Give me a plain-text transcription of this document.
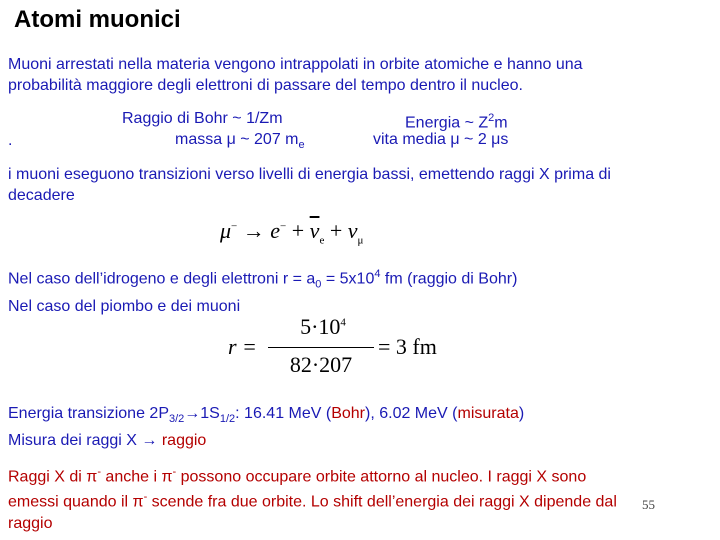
Atomi muonici
Muoni arrestati nella materia vengono intrappolati in orbite atomiche e hanno una
probabilità maggiore degli elettroni di passare del tempo dentro il nucleo.
.
Raggio di Bohr ~ 1/Zm
massa μ ~ 207 $m_e$
Energia ~ $Z^2m$
vita media μ ~ 2 μs
i muoni eseguono transizioni verso livelli di energia bassi, emettendo raggi X prima di
decadere
$\mu^- \to e^- + \overline{\nu}_e + \nu_\mu$
Nel caso dell’idrogeno e degli elettroni $r = a_0 = 5x10^4$ fm (raggio di Bohr)
Nel caso del piombo e dei muoni
r =
$5\cdot 10^4$
82·207
= 3 fm
Energia transizione $2P_{3/2}\to 1S_{1/2}$: 16.41 MeV (Bohr), 6.02 MeV (misurata)
Misura dei raggi X → raggio
Raggi X di π- anche i π- possono occupare orbite attorno al nucleo. I raggi X sono
emessi quando il π- scende fra due orbite. Lo shift dell’energia dei raggi X dipende dal
raggio
55
